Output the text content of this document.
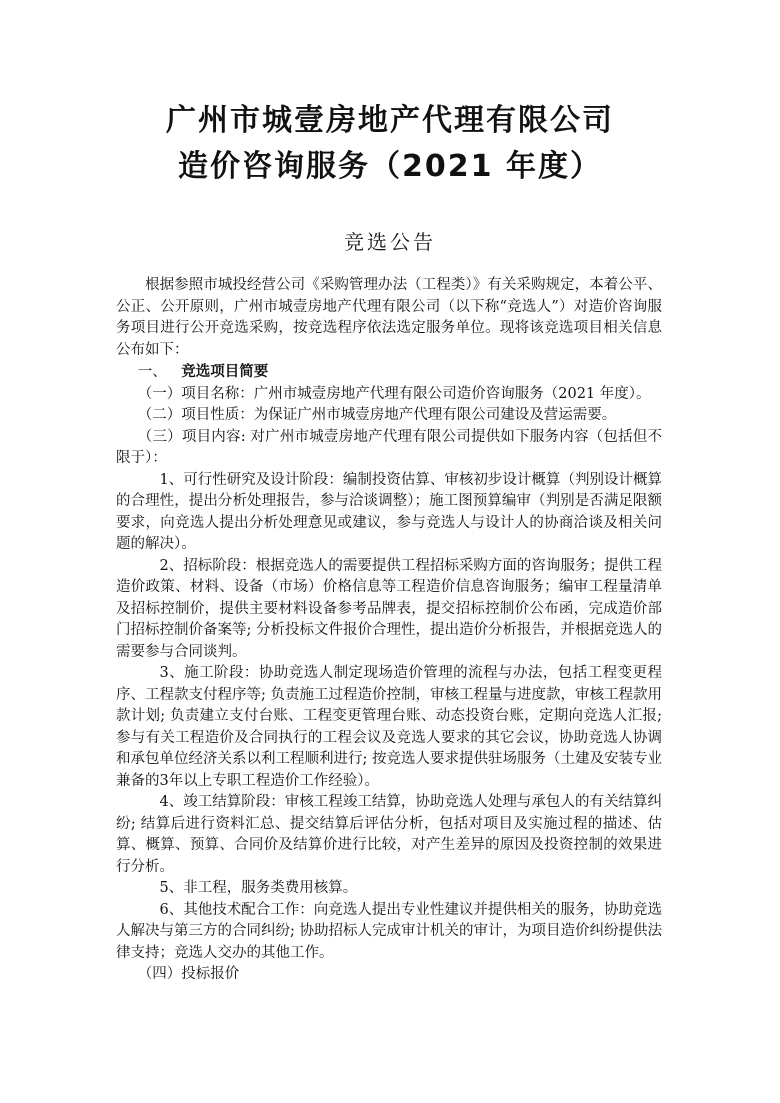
广州市城壹房地产代理有限公司
造价咨询服务（2021 年度）
竞选公告

根据参照市城投经营公司《采购管理办法（工程类）》有关采购规定，本着公平、公正、公开原则，广州市城壹房地产代理有限公司（以下称“竞选人”）对造价咨询服务项目进行公开竞选采购，按竞选程序依法选定服务单位。现将该竞选项目相关信息公布如下：

一、 竞选项目简要

（一）项目名称：广州市城壹房地产代理有限公司造价咨询服务（2021 年度）。

（二）项目性质：为保证广州市城壹房地产代理有限公司建设及营运需要。

（三）项目内容: 对广州市城壹房地产代理有限公司提供如下服务内容（包括但不限于）：

1、可行性研究及设计阶段：编制投资估算、审核初步设计概算（判别设计概算的合理性，提出分析处理报告，参与洽谈调整）；施工图预算编审（判别是否满足限额要求，向竞选人提出分析处理意见或建议，参与竞选人与设计人的协商洽谈及相关问题的解决）。

2、招标阶段：根据竞选人的需要提供工程招标采购方面的咨询服务；提供工程造价政策、材料、设备（市场）价格信息等工程造价信息咨询服务；编审工程量清单及招标控制价，提供主要材料设备参考品牌表，提交招标控制价公布函，完成造价部门招标控制价备案等; 分析投标文件报价合理性，提出造价分析报告，并根据竞选人的需要参与合同谈判。

3、施工阶段：协助竞选人制定现场造价管理的流程与办法，包括工程变更程序、工程款支付程序等; 负责施工过程造价控制，审核工程量与进度款，审核工程款用款计划; 负责建立支付台账、工程变更管理台账、动态投资台账，定期向竞选人汇报; 参与有关工程造价及合同执行的工程会议及竞选人要求的其它会议，协助竞选人协调和承包单位经济关系以利工程顺利进行; 按竞选人要求提供驻场服务（土建及安装专业兼备的3年以上专职工程造价工作经验）。

4、竣工结算阶段：审核工程竣工结算，协助竞选人处理与承包人的有关结算纠纷; 结算后进行资料汇总、提交结算后评估分析，包括对项目及实施过程的描述、估算、概算、预算、合同价及结算价进行比较，对产生差异的原因及投资控制的效果进行分析。

5、非工程，服务类费用核算。

6、其他技术配合工作：向竞选人提出专业性建议并提供相关的服务，协助竞选人解决与第三方的合同纠纷; 协助招标人完成审计机关的审计，为项目造价纠纷提供法律支持；竞选人交办的其他工作。

（四）投标报价
